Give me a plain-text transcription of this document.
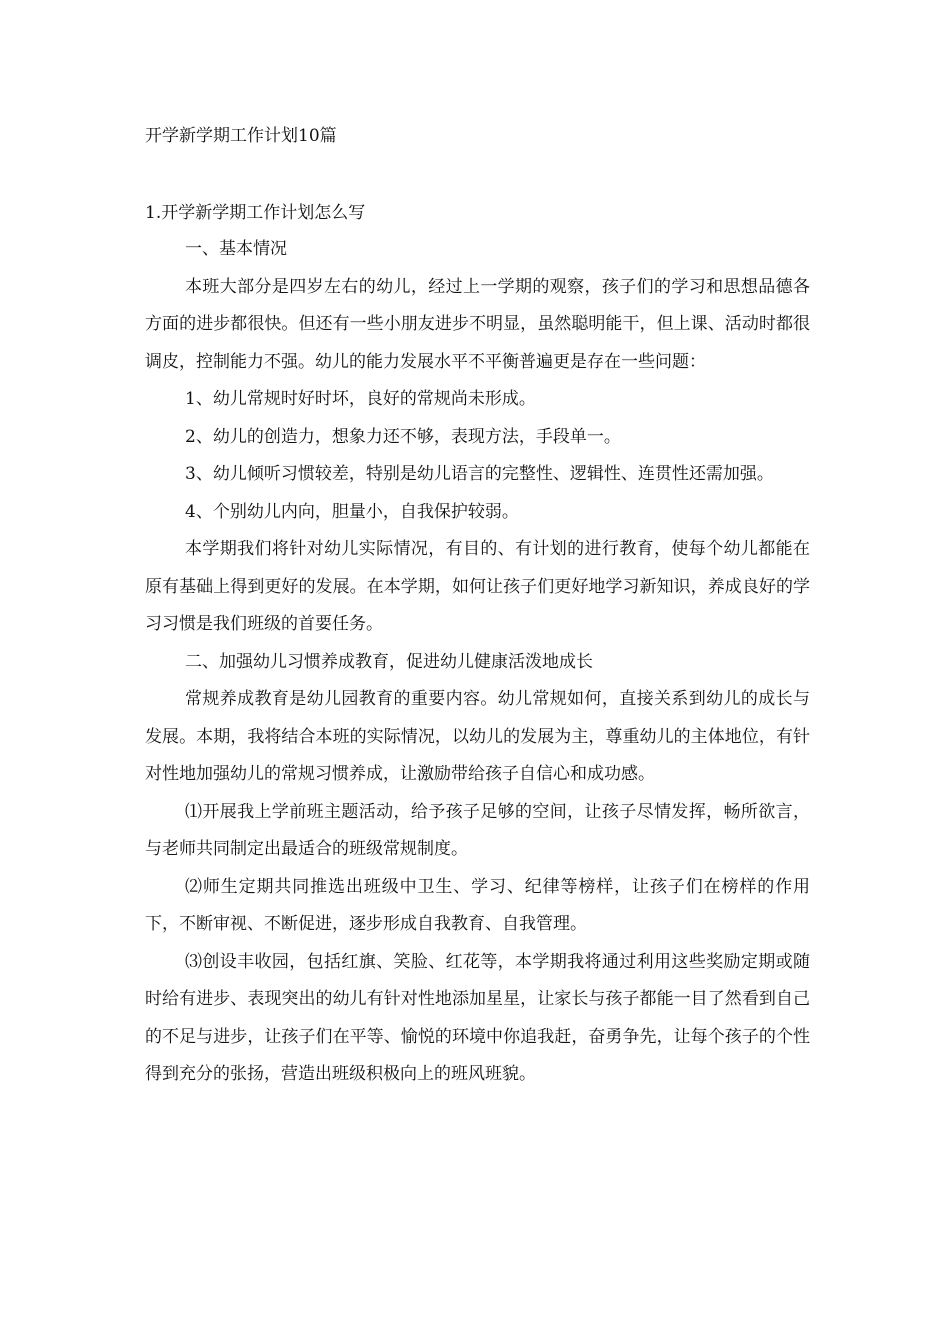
开学新学期工作计划10篇
1.开学新学期工作计划怎么写

一、基本情况

本班大部分是四岁左右的幼儿，经过上一学期的观察，孩子们的学习和思想品德各方面的进步都很快。但还有一些小朋友进步不明显，虽然聪明能干，但上课、活动时都很调皮，控制能力不强。幼儿的能力发展水平不平衡普遍更是存在一些问题：

1、幼儿常规时好时坏，良好的常规尚未形成。

2、幼儿的创造力，想象力还不够，表现方法，手段单一。

3、幼儿倾听习惯较差，特别是幼儿语言的完整性、逻辑性、连贯性还需加强。

4、个别幼儿内向，胆量小，自我保护较弱。

本学期我们将针对幼儿实际情况，有目的、有计划的进行教育，使每个幼儿都能在原有基础上得到更好的发展。在本学期，如何让孩子们更好地学习新知识，养成良好的学习习惯是我们班级的首要任务。

二、加强幼儿习惯养成教育，促进幼儿健康活泼地成长

常规养成教育是幼儿园教育的重要内容。幼儿常规如何，直接关系到幼儿的成长与发展。本期，我将结合本班的实际情况，以幼儿的发展为主，尊重幼儿的主体地位，有针对性地加强幼儿的常规习惯养成，让激励带给孩子自信心和成功感。

⑴开展我上学前班主题活动，给予孩子足够的空间，让孩子尽情发挥，畅所欲言，与老师共同制定出最适合的班级常规制度。

⑵师生定期共同推选出班级中卫生、学习、纪律等榜样，让孩子们在榜样的作用下，不断审视、不断促进，逐步形成自我教育、自我管理。

⑶创设丰收园，包括红旗、笑脸、红花等，本学期我将通过利用这些奖励定期或随时给有进步、表现突出的幼儿有针对性地添加星星，让家长与孩子都能一目了然看到自己的不足与进步，让孩子们在平等、愉悦的环境中你追我赶，奋勇争先，让每个孩子的个性得到充分的张扬，营造出班级积极向上的班风班貌。
